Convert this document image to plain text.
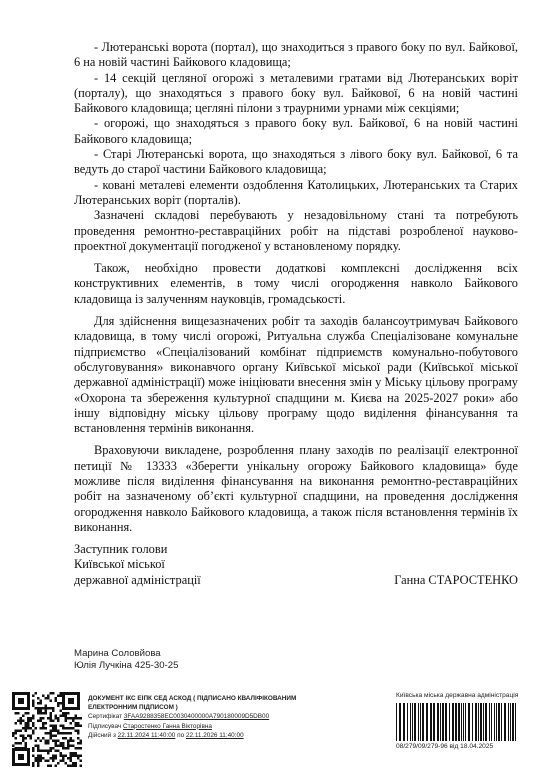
- Лютеранські ворота (портал), що знаходиться з правого боку по вул. Байкової, 6 на новій частині Байкового кладовища;

- 14 секцій цегляної огорожі з металевими гратами від Лютеранських воріт (порталу), що знаходяться з правого боку вул. Байкової, 6 на новій частині Байкового кладовища; цегляні пілони з траурними урнами між секціями;

- огорожі, що знаходяться з правого боку вул. Байкової, 6 на новій частині Байкового кладовища;

- Старі Лютеранські ворота, що знаходяться з лівого боку вул. Байкової, 6 та ведуть до старої частини Байкового кладовища;

- ковані металеві елементи оздоблення Католицьких, Лютеранських та Старих Лютеранських воріт (порталів).

Зазначені складові перебувають у незадовільному стані та потребують проведення ремонтно-реставраційних робіт на підставі розробленої науково-проектної документації погодженої у встановленому порядку.

Також, необхідно провести додаткові комплексні дослідження всіх конструктивних елементів, в тому числі огородження навколо Байкового кладовища із залученням науковців, громадськості.

Для здійснення вищезазначених робіт та заходів балансоутримувач Байкового кладовища, в тому числі огорожі, Ритуальна служба Спеціалізоване комунальне підприємство «Спеціалізований комбінат підприємств комунально-побутового обслуговування» виконавчого органу Київської міської ради (Київської міської державної адміністрації) може ініціювати внесення змін у Міську цільову програму «Охорона та збереження культурної спадщини м. Києва на 2025-2027 роки» або іншу відповідну міську цільову програму щодо виділення фінансування та встановлення термінів виконання.

Враховуючи викладене, розроблення плану заходів по реалізації електронної петиції № 13333 «Зберегти унікальну огорожу Байкового кладовища» буде можливе після виділення фінансування на виконання ремонтно-реставраційних робіт на зазначеному об’єкті культурної спадщини, на проведення дослідження огородження навколо Байкового кладовища, а також після встановлення термінів їх виконання.

Заступник голови
Київської міської
державної адміністрації	Ганна СТАРОСТЕНКО
Марина Соловйова
Юлія Лучкіна 425-30-25
ДОКУМЕНТ ІКС ЕІПК СЕД АСКОД ( ПІДПИСАНО КВАЛІФІКОВАНИМ ЕЛЕКТРОННИМ ПІДПИСОМ )
Сертифікат 3FAA9288358EC0030400000A790180009D5DB00
Підписувач Старостенко Ганна Вікторівна
Дійсний з 22.11.2024 11:40:00 по 22.11.2026 11:40:00
Київська міська державна адміністрація
08/279/09/279-96 від 18.04.2025
